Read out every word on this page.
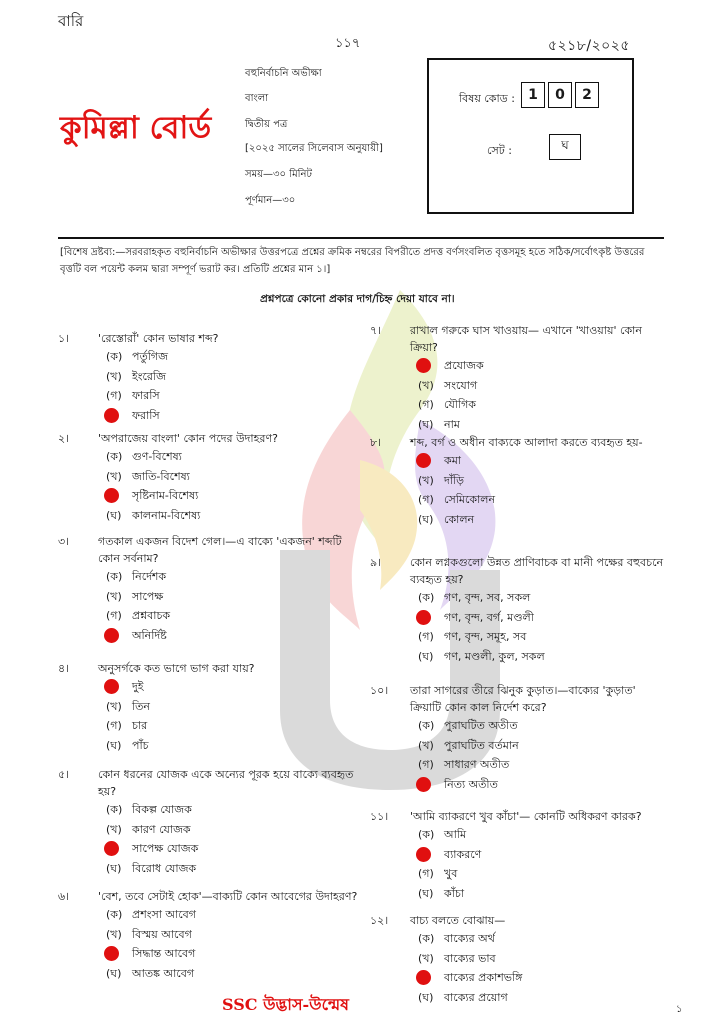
বারি
১১৭	৫২১৮/২০২৫
কুমিল্লা বোর্ড
বহুনির্বাচনি অভীক্ষা
বাংলা
দ্বিতীয় পত্র
[২০২৫ সালের সিলেবাস অনুযায়ী]
সময়—৩০ মিনিট
পূর্ণমান—৩০
বিষয় কোড : 1	0	2
সেট :	ঘ
[বিশেষ দ্রষ্টব্য:—সরবরাহকৃত বহুনির্বাচনি অভীক্ষার উত্তরপত্রে প্রশ্নের ক্রমিক নম্বরের বিপরীতে প্রদত্ত বর্ণসংবলিত বৃত্তসমূহ হতে সঠিক/সর্বোৎকৃষ্ট উত্তরের বৃত্তটি বল পয়েন্ট কলম দ্বারা সম্পূর্ণ ভরাট কর। প্রতিটি প্রশ্নের মান ১।]
প্রশ্নপত্রে কোনো প্রকার দাগ/চিহ্ন দেয়া যাবে না।
১।	'রেস্তোরাঁ' কোন ভাষার শব্দ?
(ক) পর্তুগিজ
(খ) ইংরেজি
(গ) ফারসি
ফরাসি
২।	'অপরাজেয় বাংলা' কোন পদের উদাহরণ?
(ক) গুণ-বিশেষ্য
(খ) জাতি-বিশেষ্য
সৃষ্টিনাম-বিশেষ্য
(ঘ) কালনাম-বিশেষ্য
৩।	গতকাল একজন বিদেশ গেল।—এ বাক্যে 'একজন' শব্দটি কোন সর্বনাম?
(ক) নির্দেশক
(খ) সাপেক্ষ
(গ) প্রশ্নবাচক
অনির্দিষ্ট
৪।	অনুসর্গকে কত ভাগে ভাগ করা যায়?
দুই
(খ) তিন
(গ) চার
(ঘ) পাঁচ
৫।	কোন ধরনের যোজক একে অন্যের পূরক হয়ে বাক্যে ব্যবহৃত হয়?
(ক) বিকল্প যোজক
(খ) কারণ যোজক
সাপেক্ষ যোজক
(ঘ) বিরোধ যোজক
৬।	'বেশ, তবে সেটাই হোক'—বাক্যটি কোন আবেগের উদাহরণ?
(ক) প্রশংসা আবেগ
(খ) বিস্ময় আবেগ
সিদ্ধান্ত আবেগ
(ঘ) আতঙ্ক আবেগ
৭।	রাখাল গরুকে ঘাস খাওয়ায়— এখানে 'খাওয়ায়' কোন ক্রিয়া?
প্রযোজক
(খ) সংযোগ
(গ) যৌগিক
(ঘ) নাম
৮।	শব্দ, বর্গ ও অধীন বাক্যকে আলাদা করতে ব্যবহৃত হয়-
কমা
(খ) দাঁড়ি
(গ) সেমিকোলন
(ঘ) কোলন
৯।	কোন লগ্নকগুলো উন্নত প্রাণিবাচক বা মানী পক্ষের বহুবচনে ব্যবহৃত হয়?
(ক) গণ, বৃন্দ, সব, সকল
গণ, বৃন্দ, বর্গ, মণ্ডলী
(গ) গণ, বৃন্দ, সমূহ, সব
(ঘ) গণ, মণ্ডলী, কুল, সকল
১০।	তারা সাগরের তীরে ঝিনুক কুড়াত।—বাক্যের 'কুড়াত' ক্রিয়াটি কোন কাল নির্দেশ করে?
(ক) পুরাঘটিত অতীত
(খ) পুরাঘটিত বর্তমান
(গ) সাধারণ অতীত
নিত্য অতীত
১১।	'আমি ব্যাকরণে খুব কাঁচা'— কোনটি অধিকরণ কারক?
(ক) আমি
ব্যাকরণে
(গ) খুব
(ঘ) কাঁচা
১২।	বাচ্য বলতে বোঝায়—
(ক) বাক্যের অর্থ
(খ) বাক্যের ভাব
বাক্যের প্রকাশভঙ্গি
(ঘ) বাক্যের প্রয়োগ
SSC উদ্ভাস-উন্মেষ	১
